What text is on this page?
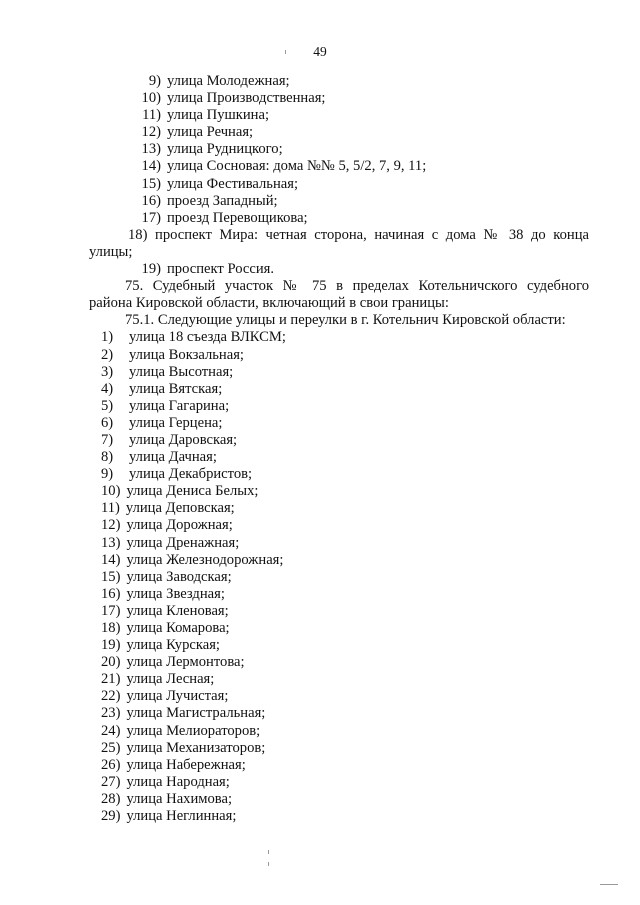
49
9) улица Молодежная;
10) улица Производственная;
11) улица Пушкина;
12) улица Речная;
13) улица Рудницкого;
14) улица Сосновая: дома №№ 5, 5/2, 7, 9, 11;
15) улица Фестивальная;
16) проезд Западный;
17) проезд Перевощикова;
18) проспект Мира: четная сторона, начиная с дома № 38 до конца
улицы;
19) проспект Россия.
75. Судебный участок № 75 в пределах Котельничского судебного
района Кировской области, включающий в свои границы:
75.1. Следующие улицы и переулки в г. Котельнич Кировской области:
1) улица 18 съезда ВЛКСМ;
2) улица Вокзальная;
3) улица Высотная;
4) улица Вятская;
5) улица Гагарина;
6) улица Герцена;
7) улица Даровская;
8) улица Дачная;
9) улица Декабристов;
10) улица Дениса Белых;
11) улица Деповская;
12) улица Дорожная;
13) улица Дренажная;
14) улица Железнодорожная;
15) улица Заводская;
16) улица Звездная;
17) улица Кленовая;
18) улица Комарова;
19) улица Курская;
20) улица Лермонтова;
21) улица Лесная;
22) улица Лучистая;
23) улица Магистральная;
24) улица Мелиораторов;
25) улица Механизаторов;
26) улица Набережная;
27) улица Народная;
28) улица Нахимова;
29) улица Неглинная;
